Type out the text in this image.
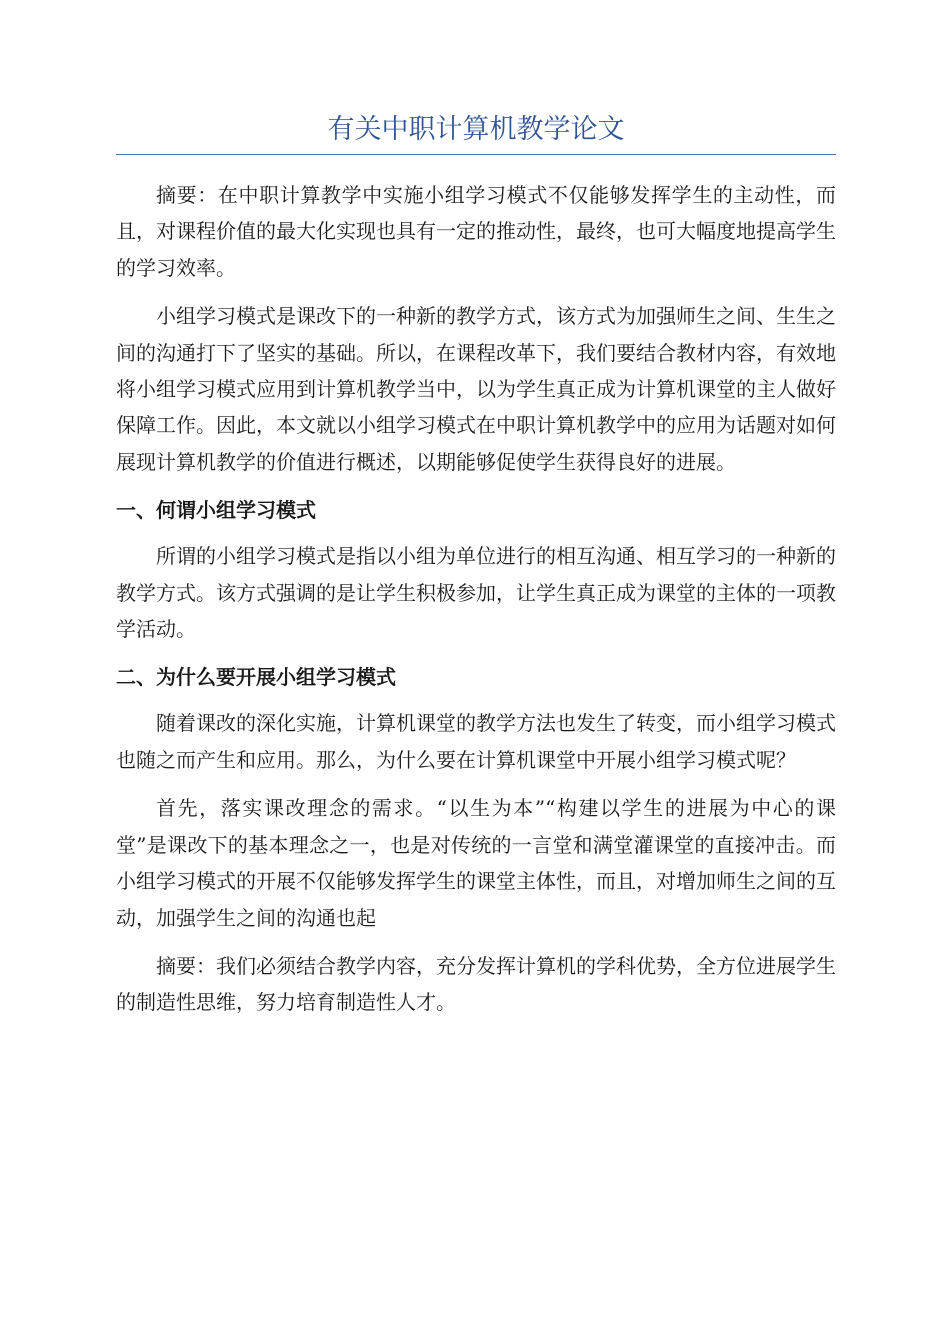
有关中职计算机教学论文

摘要：在中职计算教学中实施小组学习模式不仅能够发挥学生的主动性，而且，对课程价值的最大化实现也具有一定的推动性，最终，也可大幅度地提高学生的学习效率。

小组学习模式是课改下的一种新的教学方式，该方式为加强师生之间、生生之间的沟通打下了坚实的基础。所以，在课程改革下，我们要结合教材内容，有效地将小组学习模式应用到计算机教学当中，以为学生真正成为计算机课堂的主人做好保障工作。因此，本文就以小组学习模式在中职计算机教学中的应用为话题对如何展现计算机教学的价值进行概述，以期能够促使学生获得良好的进展。

一、何谓小组学习模式

所谓的小组学习模式是指以小组为单位进行的相互沟通、相互学习的一种新的教学方式。该方式强调的是让学生积极参加，让学生真正成为课堂的主体的一项教学活动。

二、为什么要开展小组学习模式

随着课改的深化实施，计算机课堂的教学方法也发生了转变，而小组学习模式也随之而产生和应用。那么，为什么要在计算机课堂中开展小组学习模式呢？

首先，落实课改理念的需求。“以生为本”“构建以学生的进展为中心的课堂”是课改下的基本理念之一，也是对传统的一言堂和满堂灌课堂的直接冲击。而小组学习模式的开展不仅能够发挥学生的课堂主体性，而且，对增加师生之间的互动，加强学生之间的沟通也起

摘要：我们必须结合教学内容，充分发挥计算机的学科优势，全方位进展学生的制造性思维，努力培育制造性人才。
